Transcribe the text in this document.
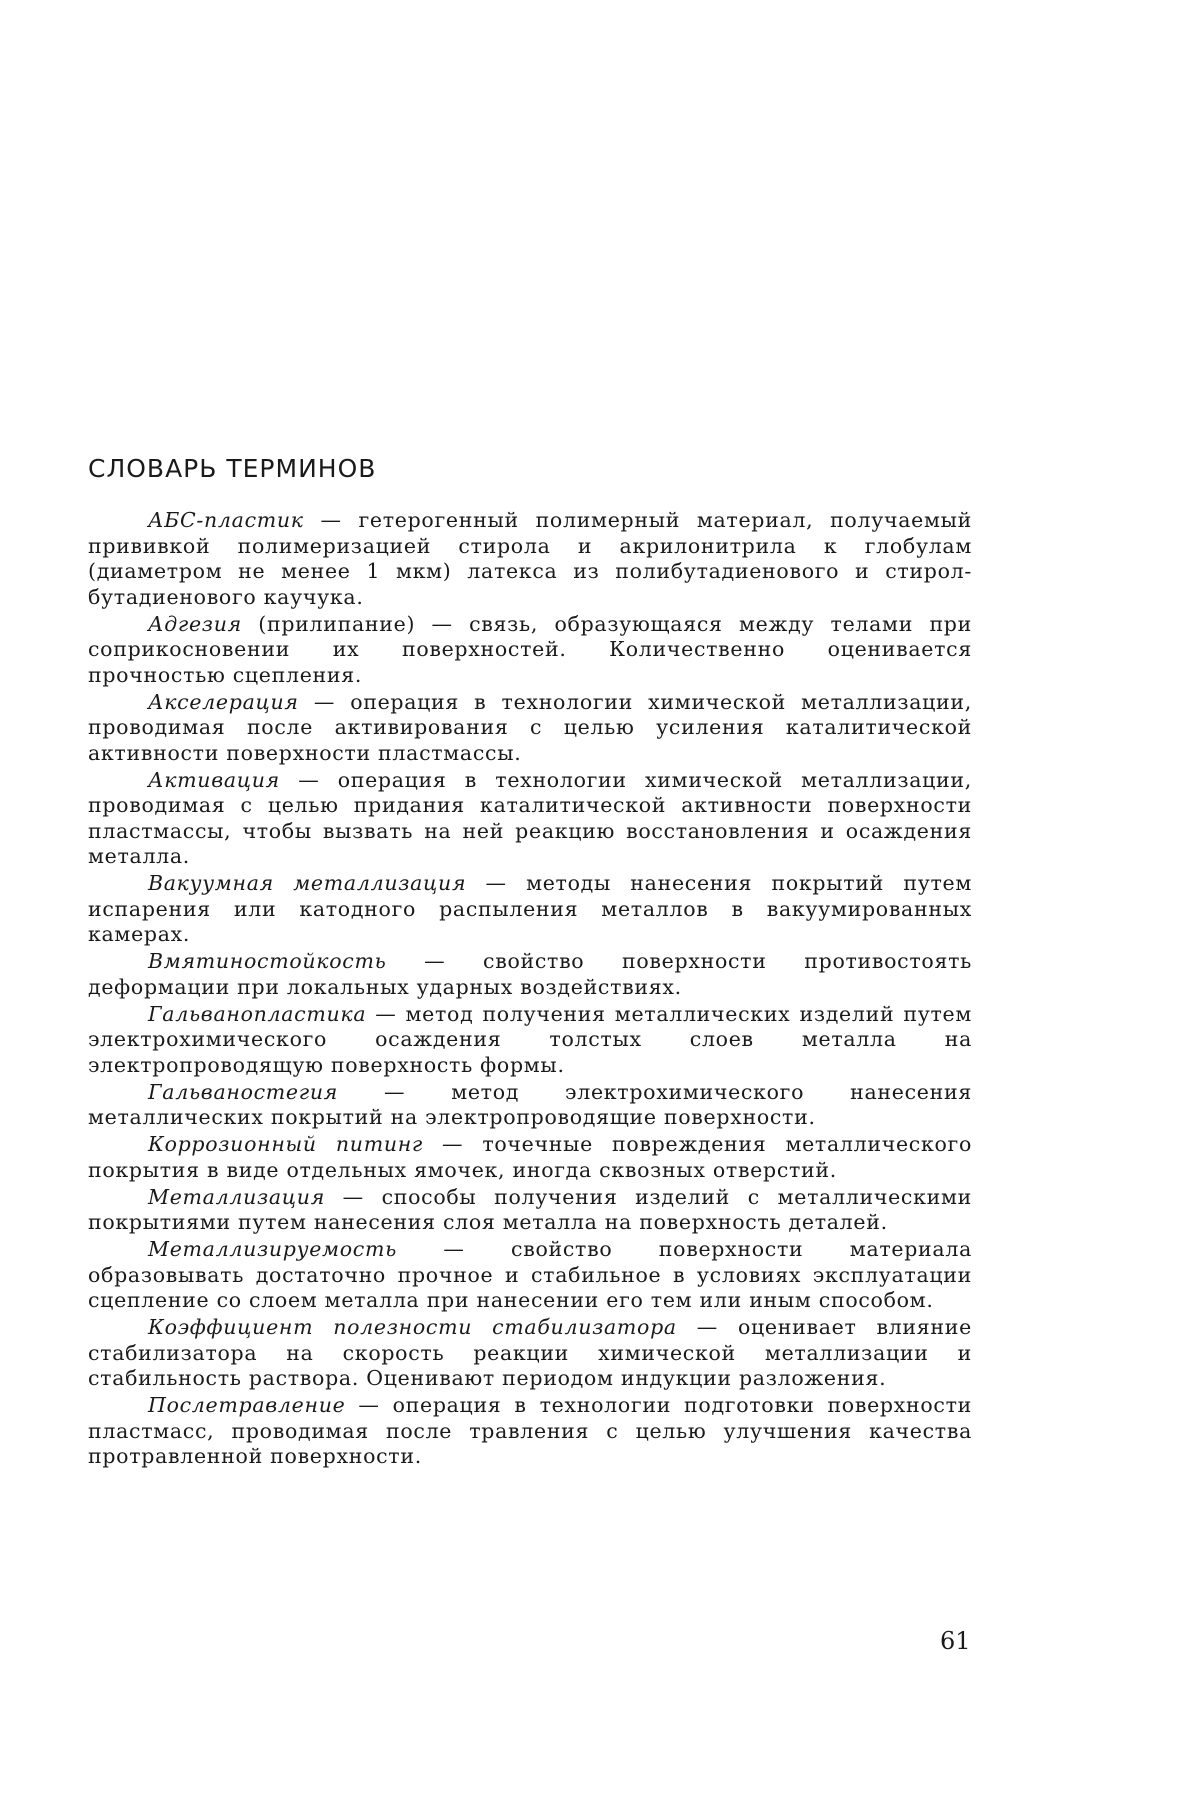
СЛОВАРЬ ТЕРМИНОВ

АБС-пластик — гетерогенный полимерный материал, получаемый прививкой полимеризацией стирола и акрилонитрила к глобулам (диаметром не менее 1 мкм) латекса из полибутадиенового и стирол-бутадиенового каучука.

Адгезия (прилипание) — связь, образующаяся между телами при соприкосновении их поверхностей. Количественно оценивается прочностью сцепления.

Акселерация — операция в технологии химической металлизации, проводимая после активирования с целью усиления каталитической активности поверхности пластмассы.

Активация — операция в технологии химической металлизации, проводимая с целью придания каталитической активности поверхности пластмассы, чтобы вызвать на ней реакцию восстановления и осаждения металла.

Вакуумная металлизация — методы нанесения покрытий путем испарения или катодного распыления металлов в вакуумированных камерах.

Вмятиностойкость — свойство поверхности противостоять деформации при локальных ударных воздействиях.

Гальванопластика — метод получения металлических изделий путем электрохимического осаждения толстых слоев металла на электропроводящую поверхность формы.

Гальваностегия — метод электрохимического нанесения металлических покрытий на электропроводящие поверхности.

Коррозионный питинг — точечные повреждения металлического покрытия в виде отдельных ямочек, иногда сквозных отверстий.

Металлизация — способы получения изделий с металлическими покрытиями путем нанесения слоя металла на поверхность деталей.

Металлизируемость — свойство поверхности материала образовывать достаточно прочное и стабильное в условиях эксплуатации сцепление со слоем металла при нанесении его тем или иным способом.

Коэффициент полезности стабилизатора — оценивает влияние стабилизатора на скорость реакции химической металлизации и стабильность раствора. Оценивают периодом индукции разложения.

Послетравление — операция в технологии подготовки поверхности пластмасс, проводимая после травления с целью улучшения качества протравленной поверхности.

61
